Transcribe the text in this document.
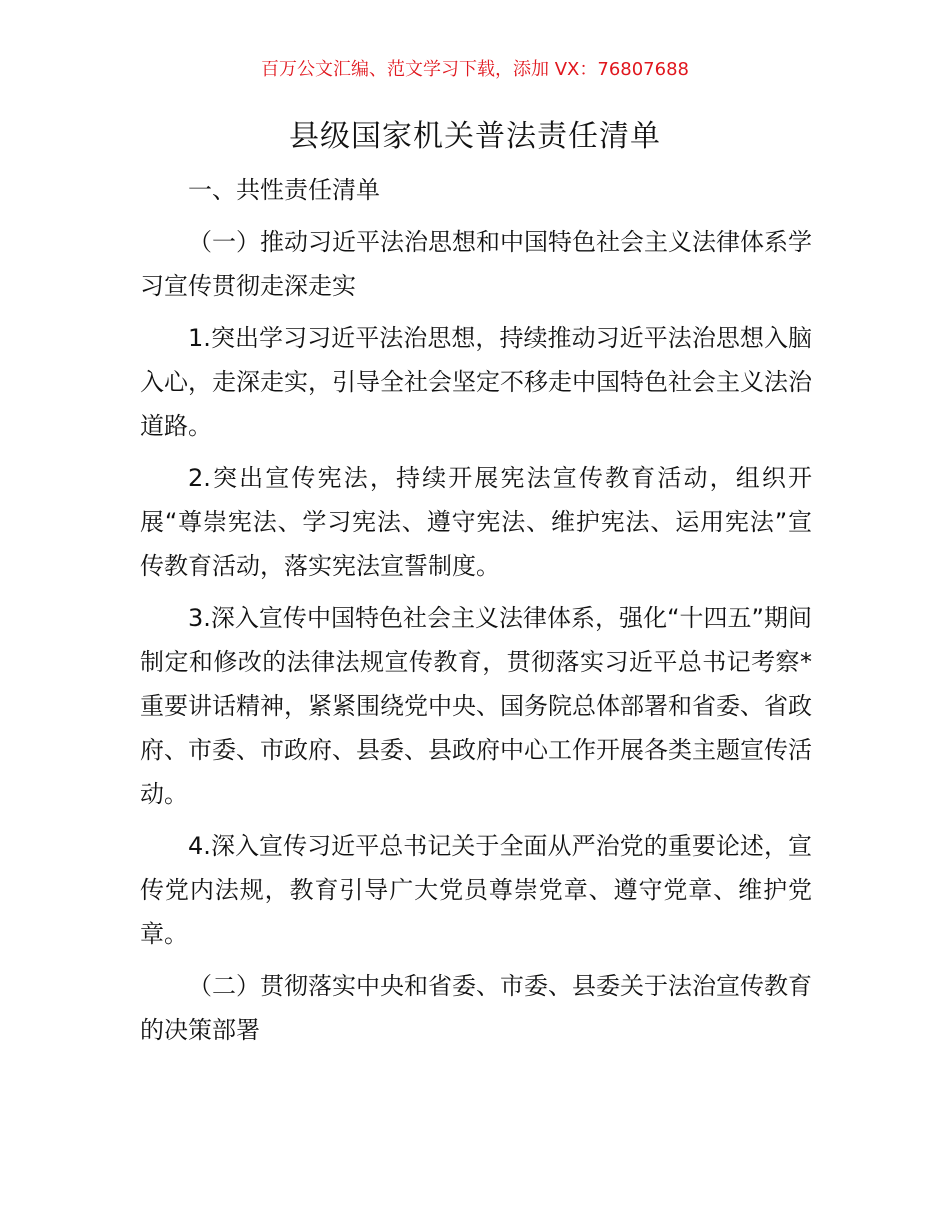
百万公文汇编、范文学习下载，添加 VX：76807688
县级国家机关普法责任清单

一、共性责任清单

（一）推动习近平法治思想和中国特色社会主义法律体系学习宣传贯彻走深走实

1.突出学习习近平法治思想，持续推动习近平法治思想入脑入心，走深走实，引导全社会坚定不移走中国特色社会主义法治道路。

2.突出宣传宪法，持续开展宪法宣传教育活动，组织开展“尊崇宪法、学习宪法、遵守宪法、维护宪法、运用宪法”宣传教育活动，落实宪法宣誓制度。

3.深入宣传中国特色社会主义法律体系，强化“十四五”期间制定和修改的法律法规宣传教育，贯彻落实习近平总书记考察*重要讲话精神，紧紧围绕党中央、国务院总体部署和省委、省政府、市委、市政府、县委、县政府中心工作开展各类主题宣传活动。

4.深入宣传习近平总书记关于全面从严治党的重要论述，宣传党内法规，教育引导广大党员尊崇党章、遵守党章、维护党章。

（二）贯彻落实中央和省委、市委、县委关于法治宣传教育的决策部署
